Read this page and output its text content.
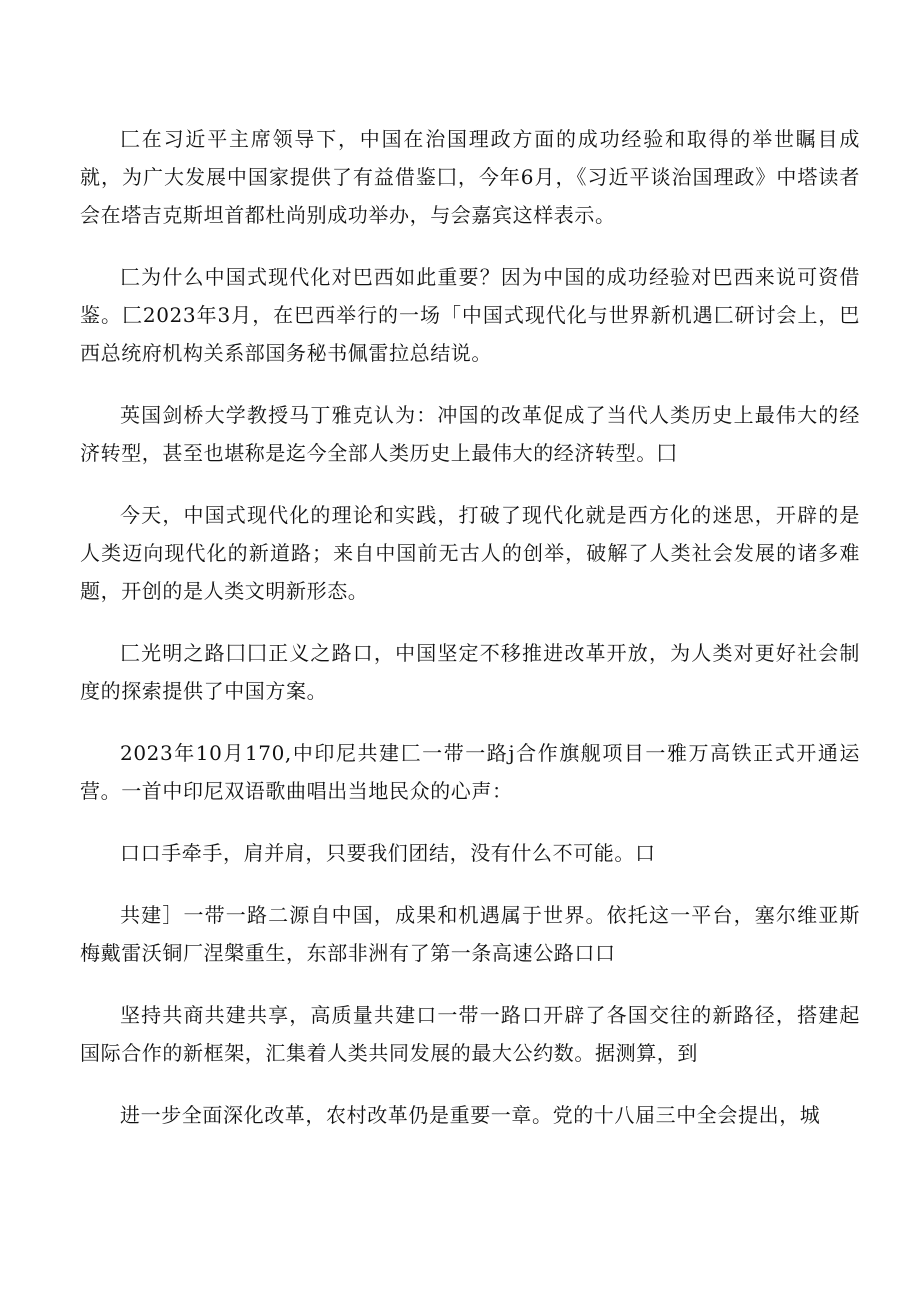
匚在习近平主席领导下，中国在治国理政方面的成功经验和取得的举世瞩目成就，为广大发展中国家提供了有益借鉴囗，今年6月，《习近平谈治国理政》中塔读者会在塔吉克斯坦首都杜尚别成功举办，与会嘉宾这样表示。

匚为什么中国式现代化对巴西如此重要？因为中国的成功经验对巴西来说可资借鉴。匚2023年3月，在巴西举行的一场「中国式现代化与世界新机遇匚研讨会上，巴西总统府机构关系部国务秘书佩雷拉总结说。

英国剑桥大学教授马丁雅克认为：冲国的改革促成了当代人类历史上最伟大的经济转型，甚至也堪称是迄今全部人类历史上最伟大的经济转型。囗

今天，中国式现代化的理论和实践，打破了现代化就是西方化的迷思，开辟的是人类迈向现代化的新道路；来自中国前无古人的创举，破解了人类社会发展的诸多难题，开创的是人类文明新形态。

匚光明之路囗囗正义之路口，中国坚定不移推进改革开放，为人类对更好社会制度的探索提供了中国方案。

2023年10月170,中印尼共建匚一带一路j合作旗舰项目一雅万高铁正式开通运营。一首中印尼双语歌曲唱出当地民众的心声：

口口手牵手，肩并肩，只要我们团结，没有什么不可能。口

共建］一带一路二源自中国，成果和机遇属于世界。依托这一平台，塞尔维亚斯梅戴雷沃铜厂涅槃重生，东部非洲有了第一条高速公路口口

坚持共商共建共享，高质量共建口一带一路口开辟了各国交往的新路径，搭建起国际合作的新框架，汇集着人类共同发展的最大公约数。据测算，到

进一步全面深化改革，农村改革仍是重要一章。党的十八届三中全会提出，城
